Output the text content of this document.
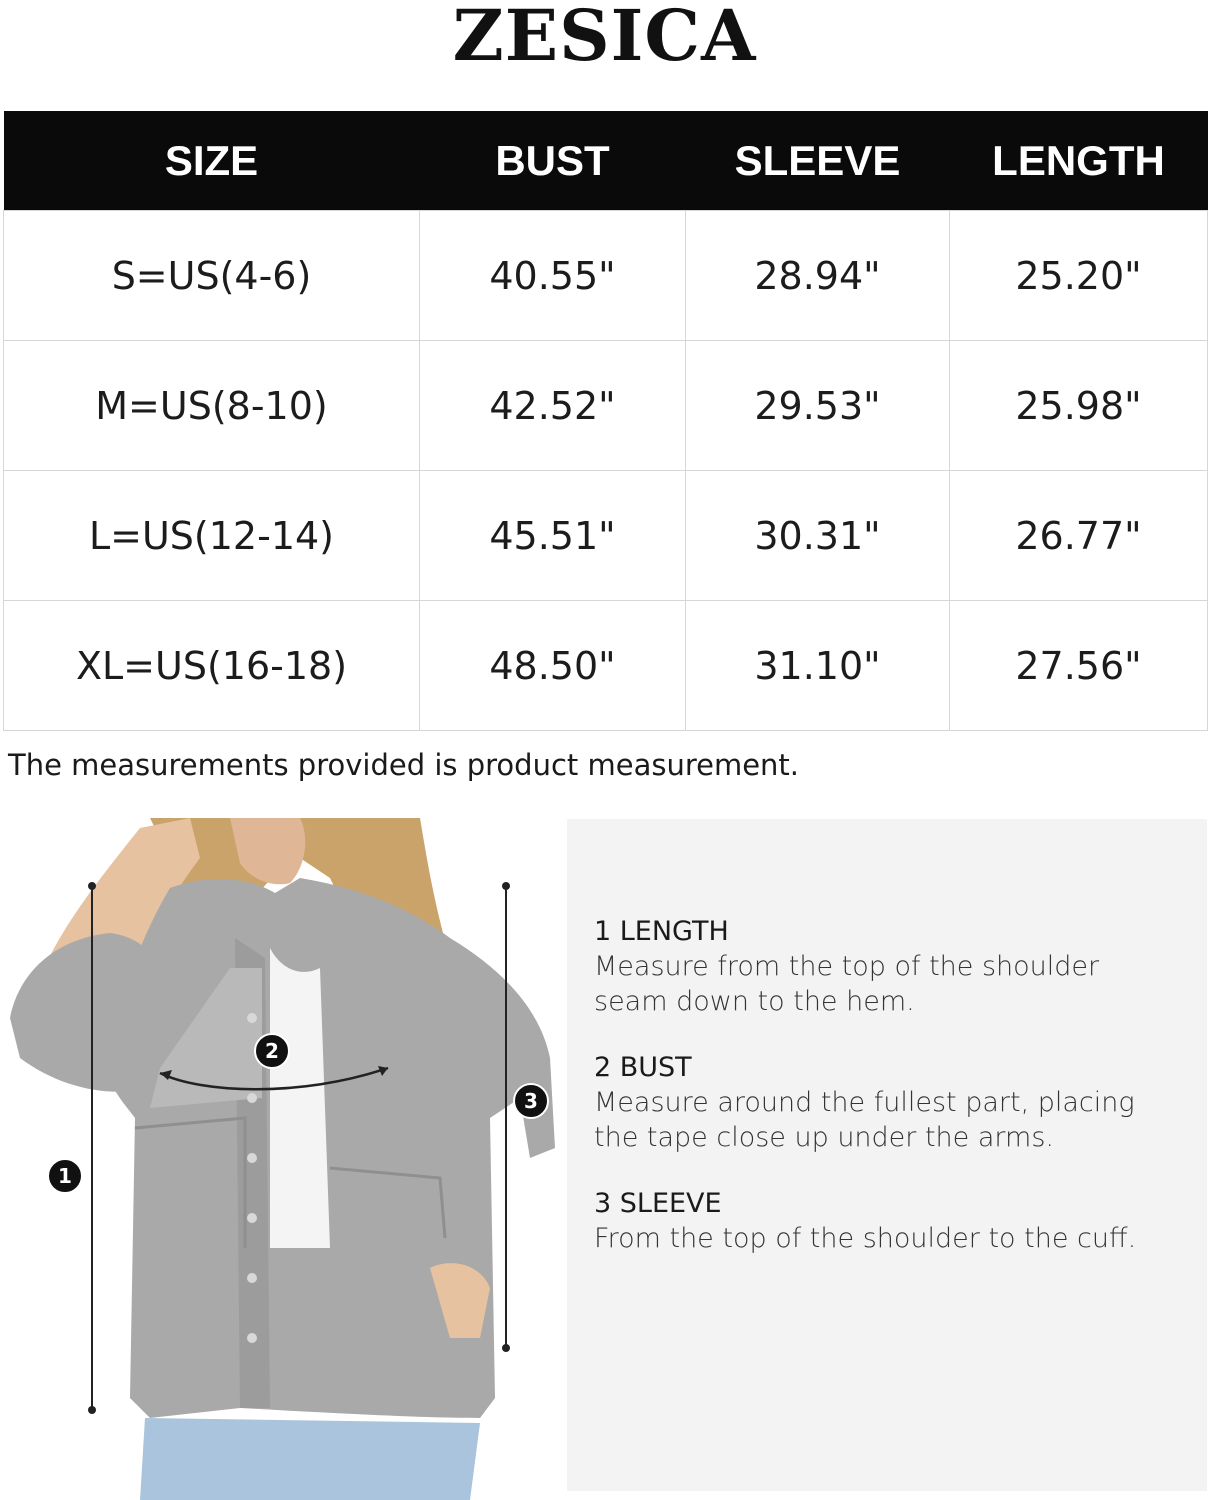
ZESICA
SIZE	BUST	SLEEVE	LENGTH
S=US(4-6)	40.55"	28.94"	25.20"
M=US(8-10)	42.52"	29.53"	25.98"
L=US(12-14)	45.51"	30.31"	26.77"
XL=US(16-18)	48.50"	31.10"	27.56"
The measurements provided is product measurement.
1
2
3
1 LENGTH
Measure from the top of the shoulder
seam down to the hem.
2 BUST
Measure around the fullest part, placing
the tape close up under the arms.
3 SLEEVE
From the top of the shoulder to the cuff.
